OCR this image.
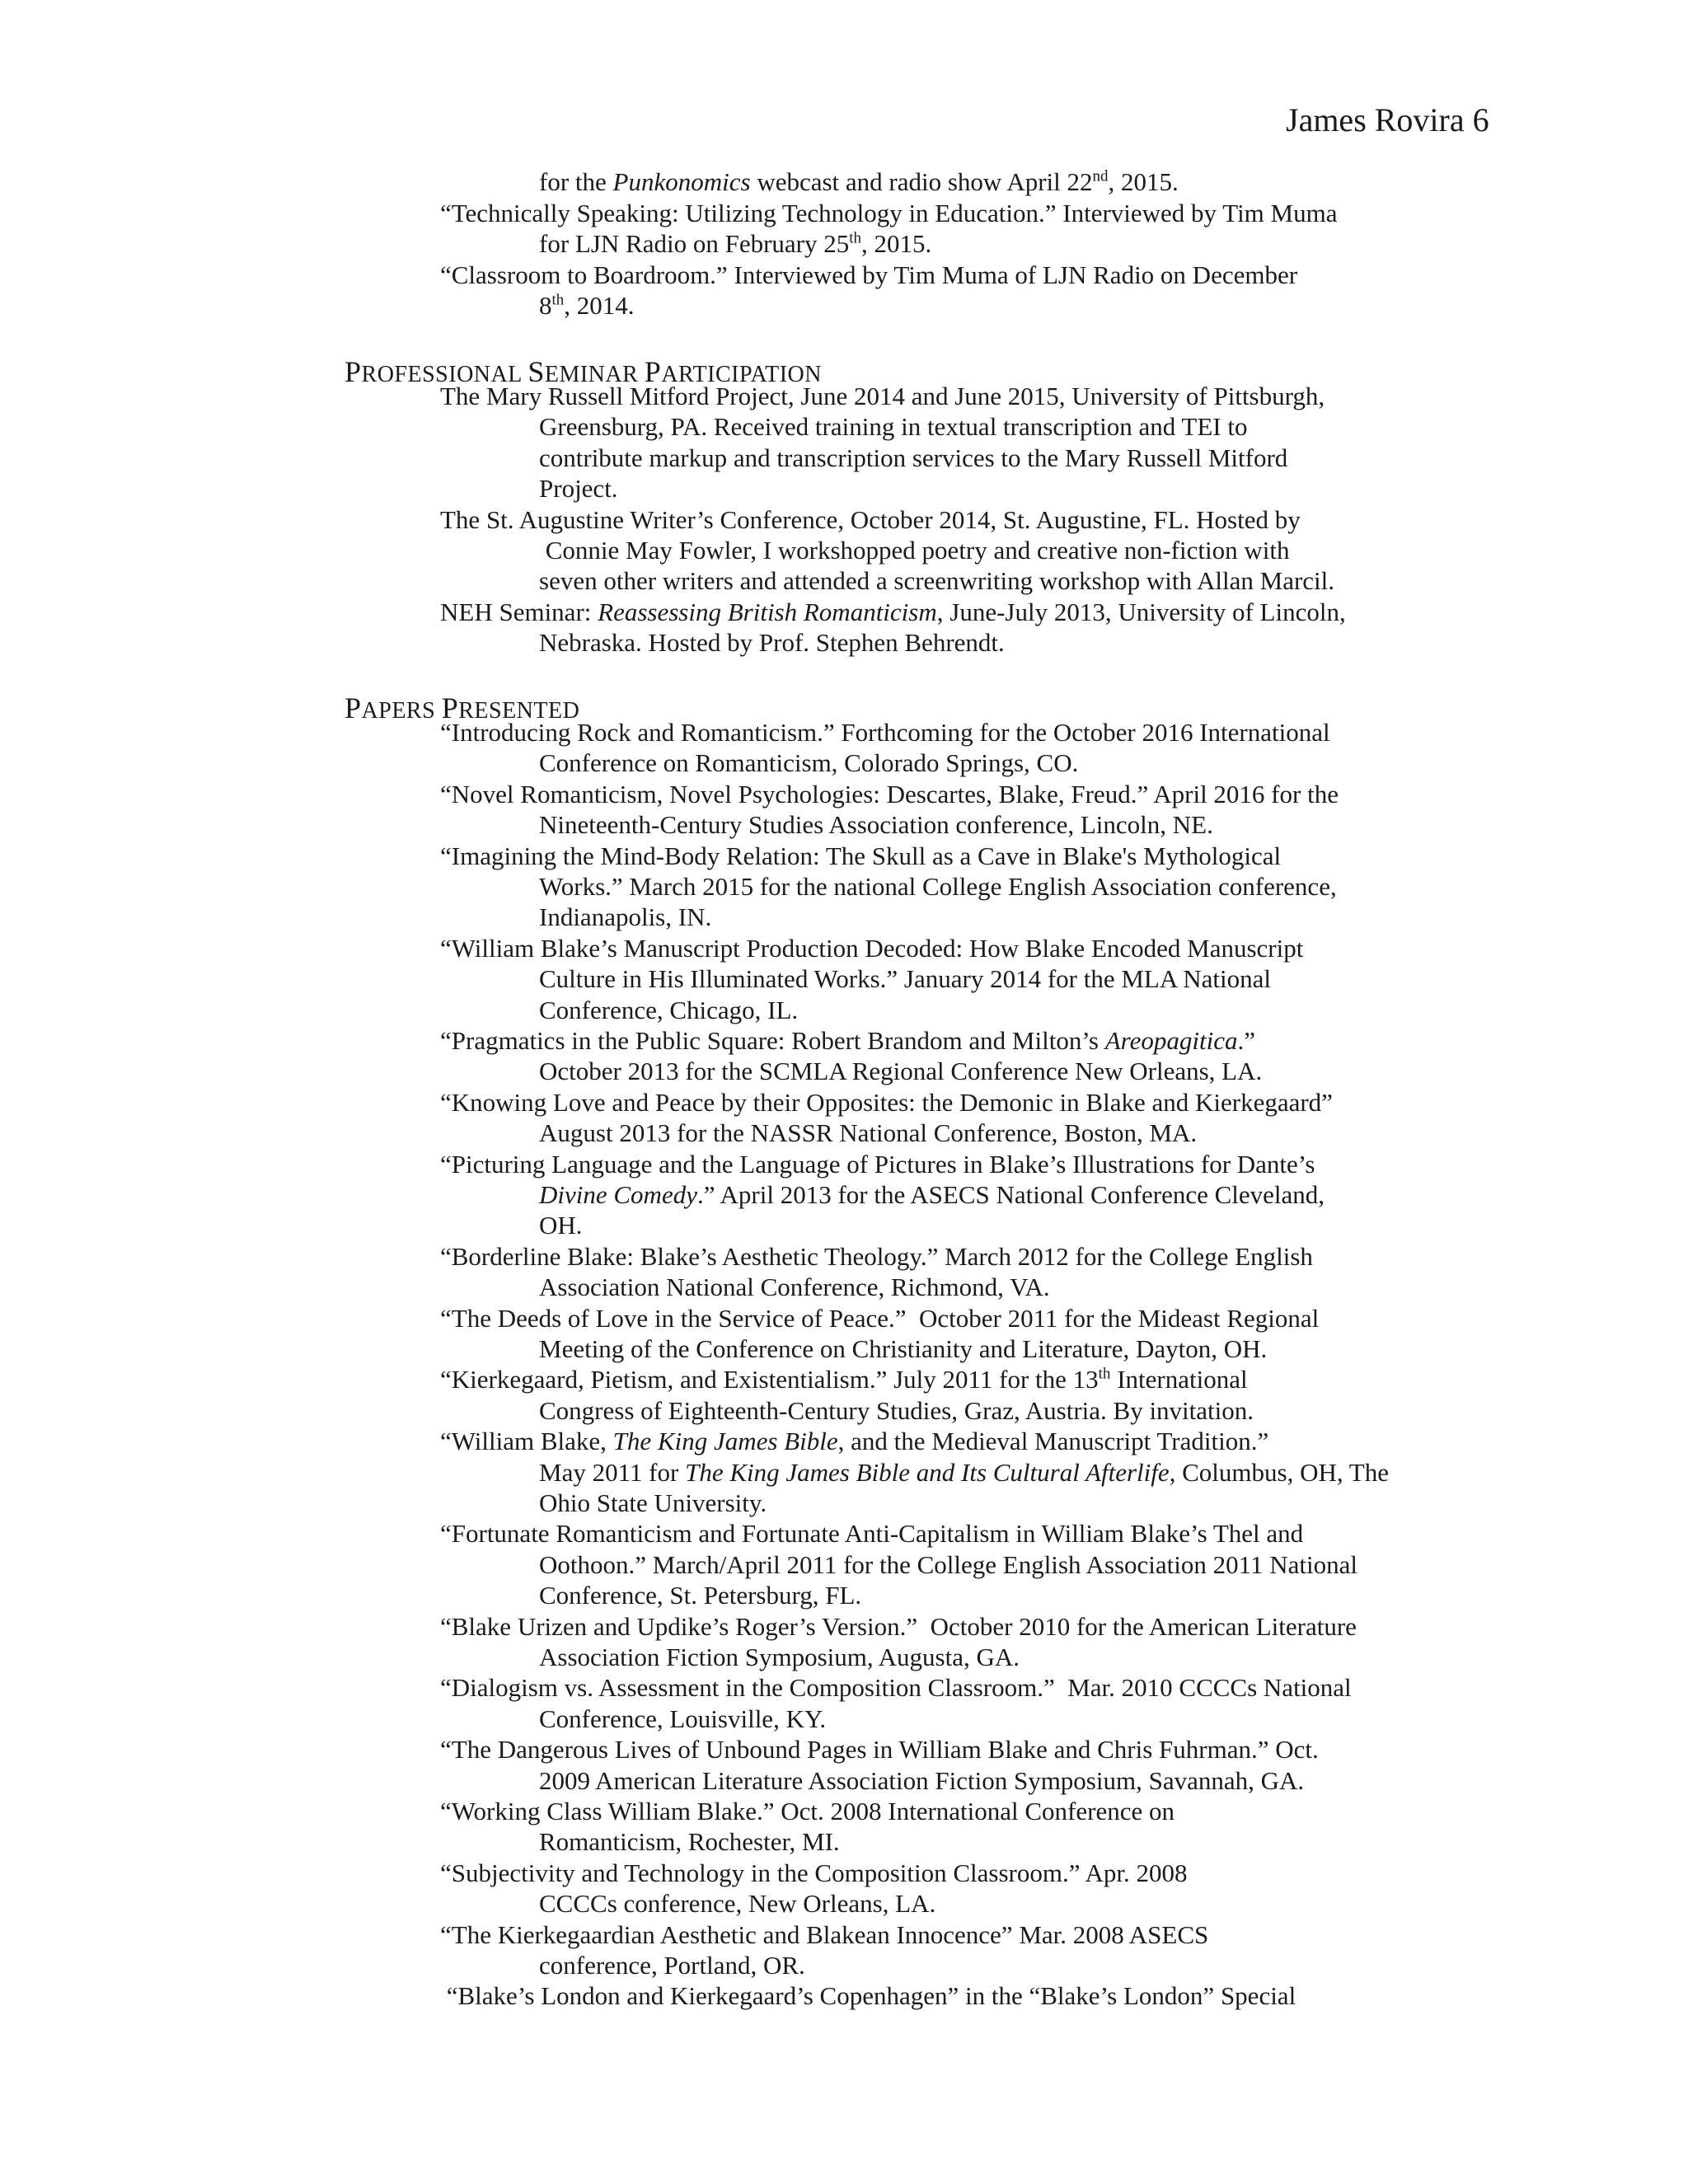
James Rovira 6
for the Punkonomics webcast and radio show April 22nd, 2015.
“Technically Speaking: Utilizing Technology in Education.” Interviewed by Tim Muma
for LJN Radio on February 25th, 2015.
“Classroom to Boardroom.” Interviewed by Tim Muma of LJN Radio on December
8th, 2014.
PROFESSIONAL SEMINAR PARTICIPATION
The Mary Russell Mitford Project, June 2014 and June 2015, University of Pittsburgh,
Greensburg, PA. Received training in textual transcription and TEI to
contribute markup and transcription services to the Mary Russell Mitford
Project.
The St. Augustine Writer’s Conference, October 2014, St. Augustine, FL. Hosted by
Connie May Fowler, I workshopped poetry and creative non-fiction with
seven other writers and attended a screenwriting workshop with Allan Marcil.
NEH Seminar: Reassessing British Romanticism, June-July 2013, University of Lincoln,
Nebraska. Hosted by Prof. Stephen Behrendt.
PAPERS PRESENTED
“Introducing Rock and Romanticism.” Forthcoming for the October 2016 International
Conference on Romanticism, Colorado Springs, CO.
“Novel Romanticism, Novel Psychologies: Descartes, Blake, Freud.” April 2016 for the
Nineteenth-Century Studies Association conference, Lincoln, NE.
“Imagining the Mind-Body Relation: The Skull as a Cave in Blake's Mythological
Works.” March 2015 for the national College English Association conference,
Indianapolis, IN.
“William Blake’s Manuscript Production Decoded: How Blake Encoded Manuscript
Culture in His Illuminated Works.” January 2014 for the MLA National
Conference, Chicago, IL.
“Pragmatics in the Public Square: Robert Brandom and Milton’s Areopagitica.”
October 2013 for the SCMLA Regional Conference New Orleans, LA.
“Knowing Love and Peace by their Opposites: the Demonic in Blake and Kierkegaard”
August 2013 for the NASSR National Conference, Boston, MA.
“Picturing Language and the Language of Pictures in Blake’s Illustrations for Dante’s
Divine Comedy.” April 2013 for the ASECS National Conference Cleveland,
OH.
“Borderline Blake: Blake’s Aesthetic Theology.” March 2012 for the College English
Association National Conference, Richmond, VA.
“The Deeds of Love in the Service of Peace.”  October 2011 for the Mideast Regional
Meeting of the Conference on Christianity and Literature, Dayton, OH.
“Kierkegaard, Pietism, and Existentialism.” July 2011 for the 13th International
Congress of Eighteenth-Century Studies, Graz, Austria. By invitation.
“William Blake, The King James Bible, and the Medieval Manuscript Tradition.”
May 2011 for The King James Bible and Its Cultural Afterlife, Columbus, OH, The
Ohio State University.
“Fortunate Romanticism and Fortunate Anti-Capitalism in William Blake’s Thel and
Oothoon.” March/April 2011 for the College English Association 2011 National
Conference, St. Petersburg, FL.
“Blake Urizen and Updike’s Roger’s Version.”  October 2010 for the American Literature
Association Fiction Symposium, Augusta, GA.
“Dialogism vs. Assessment in the Composition Classroom.”  Mar. 2010 CCCCs National
Conference, Louisville, KY.
“The Dangerous Lives of Unbound Pages in William Blake and Chris Fuhrman.” Oct.
2009 American Literature Association Fiction Symposium, Savannah, GA.
“Working Class William Blake.” Oct. 2008 International Conference on
Romanticism, Rochester, MI.
“Subjectivity and Technology in the Composition Classroom.” Apr. 2008
CCCCs conference, New Orleans, LA.
“The Kierkegaardian Aesthetic and Blakean Innocence” Mar. 2008 ASECS
conference, Portland, OR.
“Blake’s London and Kierkegaard’s Copenhagen” in the “Blake’s London” Special
